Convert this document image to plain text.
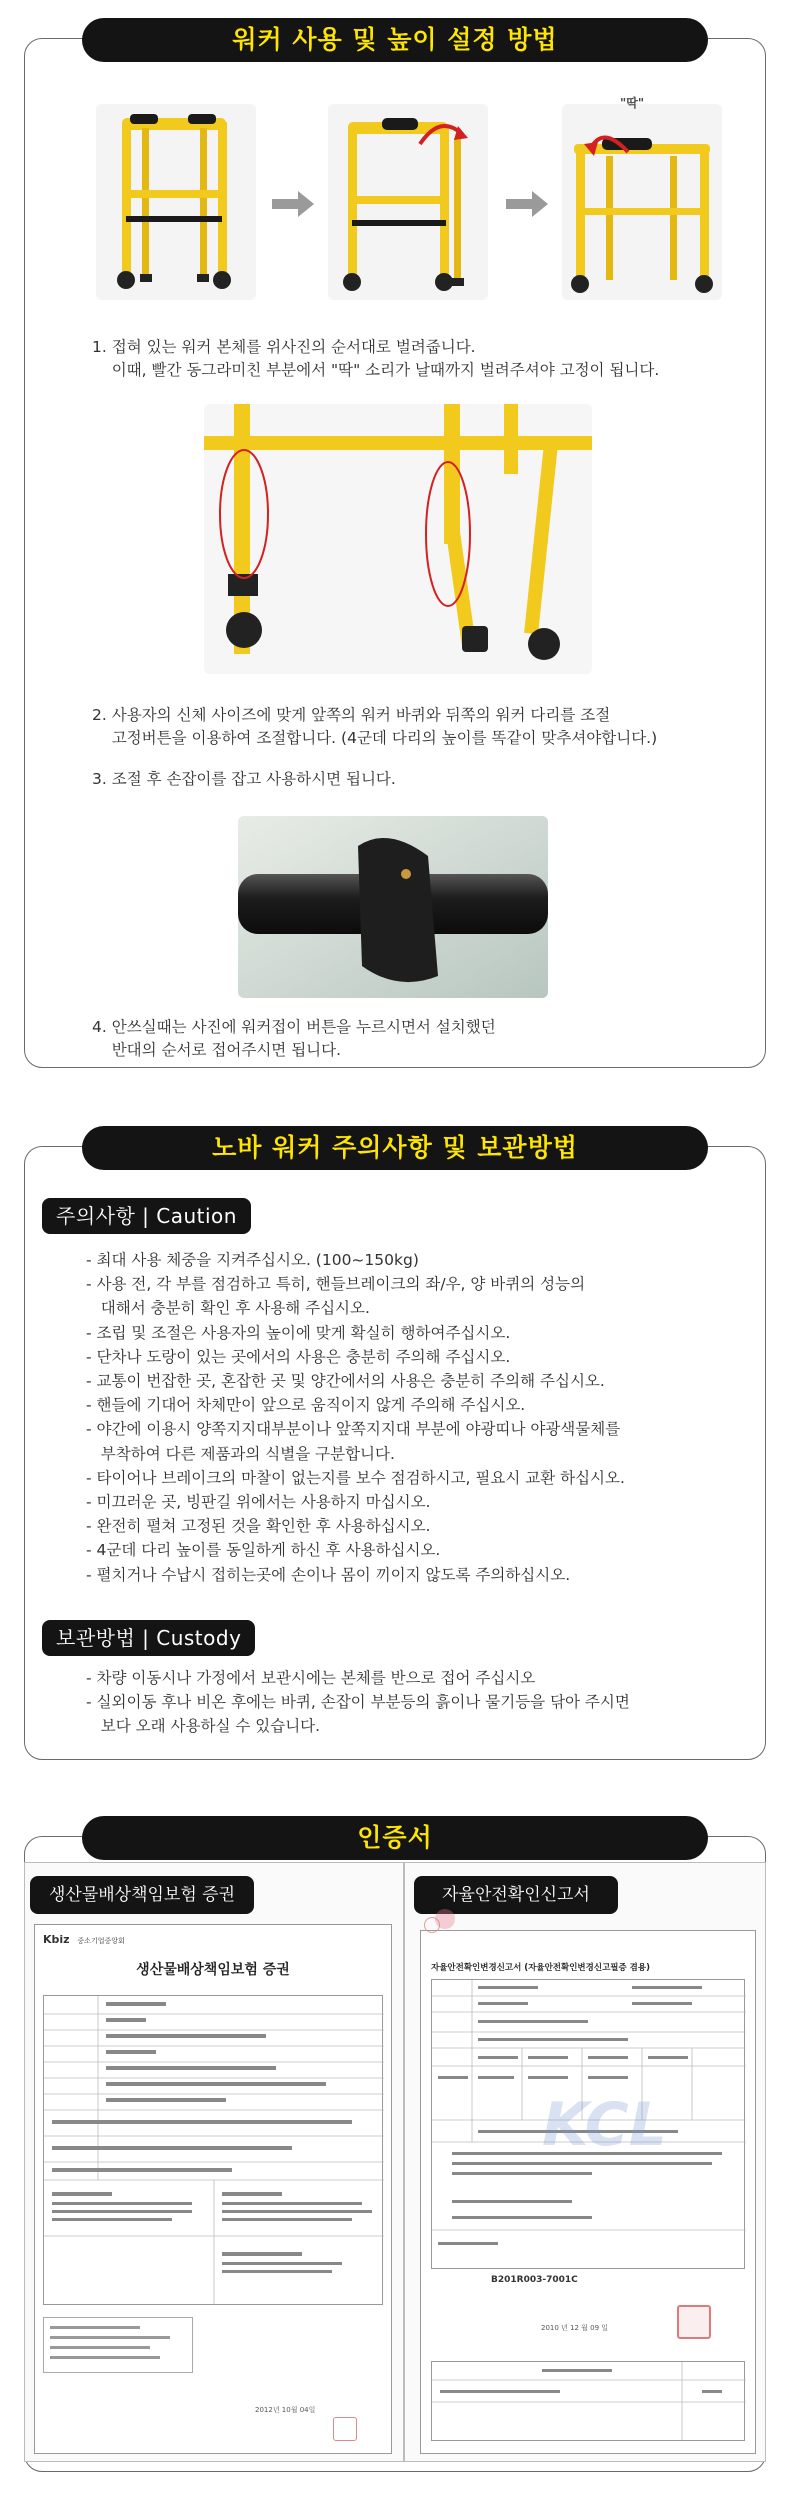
워커 사용 및 높이 설정 방법
"딱"
1. 접혀 있는 워커 본체를 위사진의 순서대로 벌려줍니다.
이때, 빨간 동그라미친 부분에서 "딱" 소리가 날때까지 벌려주셔야 고정이 됩니다.
2. 사용자의 신체 사이즈에 맞게 앞쪽의 워커 바퀴와 뒤쪽의 워커 다리를 조절
고정버튼을 이용하여 조절합니다. (4군데 다리의 높이를 똑같이 맞추셔야합니다.)
3. 조절 후 손잡이를 잡고 사용하시면 됩니다.
4. 안쓰실때는 사진에 워커접이 버튼을 누르시면서 설치했던
반대의 순서로 접어주시면 됩니다.
노바 워커 주의사항 및 보관방법
주의사항 | Caution
- 최대 사용 체중을 지켜주십시오. (100~150kg)
- 사용 전, 각 부를 점검하고 특히, 핸들브레이크의 좌/우, 양 바퀴의 성능의
대해서 충분히 확인 후 사용해 주십시오.
- 조립 및 조절은 사용자의 높이에 맞게 확실히 행하여주십시오.
- 단차나 도랑이 있는 곳에서의 사용은 충분히 주의해 주십시오.
- 교통이 번잡한 곳, 혼잡한 곳 및 양간에서의 사용은 충분히 주의해 주십시오.
- 핸들에 기대어 차체만이 앞으로 움직이지 않게 주의해 주십시오.
- 야간에 이용시 양쪽지지대부분이나 앞쪽지지대 부분에 야광띠나 야광색물체를
부착하여 다른 제품과의 식별을 구분합니다.
- 타이어나 브레이크의 마찰이 없는지를 보수 점검하시고, 필요시 교환 하십시오.
- 미끄러운 곳, 빙판길 위에서는 사용하지 마십시오.
- 완전히 펼쳐 고정된 것을 확인한 후 사용하십시오.
- 4군데 다리 높이를 동일하게 하신 후 사용하십시오.
- 펼치거나 수납시 접히는곳에 손이나 몸이 끼이지 않도록 주의하십시오.
보관방법 | Custody
- 차량 이동시나 가정에서 보관시에는 본체를 반으로 접어 주십시오
- 실외이동 후나 비온 후에는 바퀴, 손잡이 부분등의 흙이나 물기등을 닦아 주시면
보다 오래 사용하실 수 있습니다.
인증서
생산물배상책임보험 증권
Kbiz 중소기업중앙회
생산물배상책임보험 증권
2012년 10월 04일
자율안전확인신고서
자율안전확인변경신고서 (자율안전확인변경신고필증 겸용)
KCL
B201R003-7001C
2010 년 12 월 09 일
